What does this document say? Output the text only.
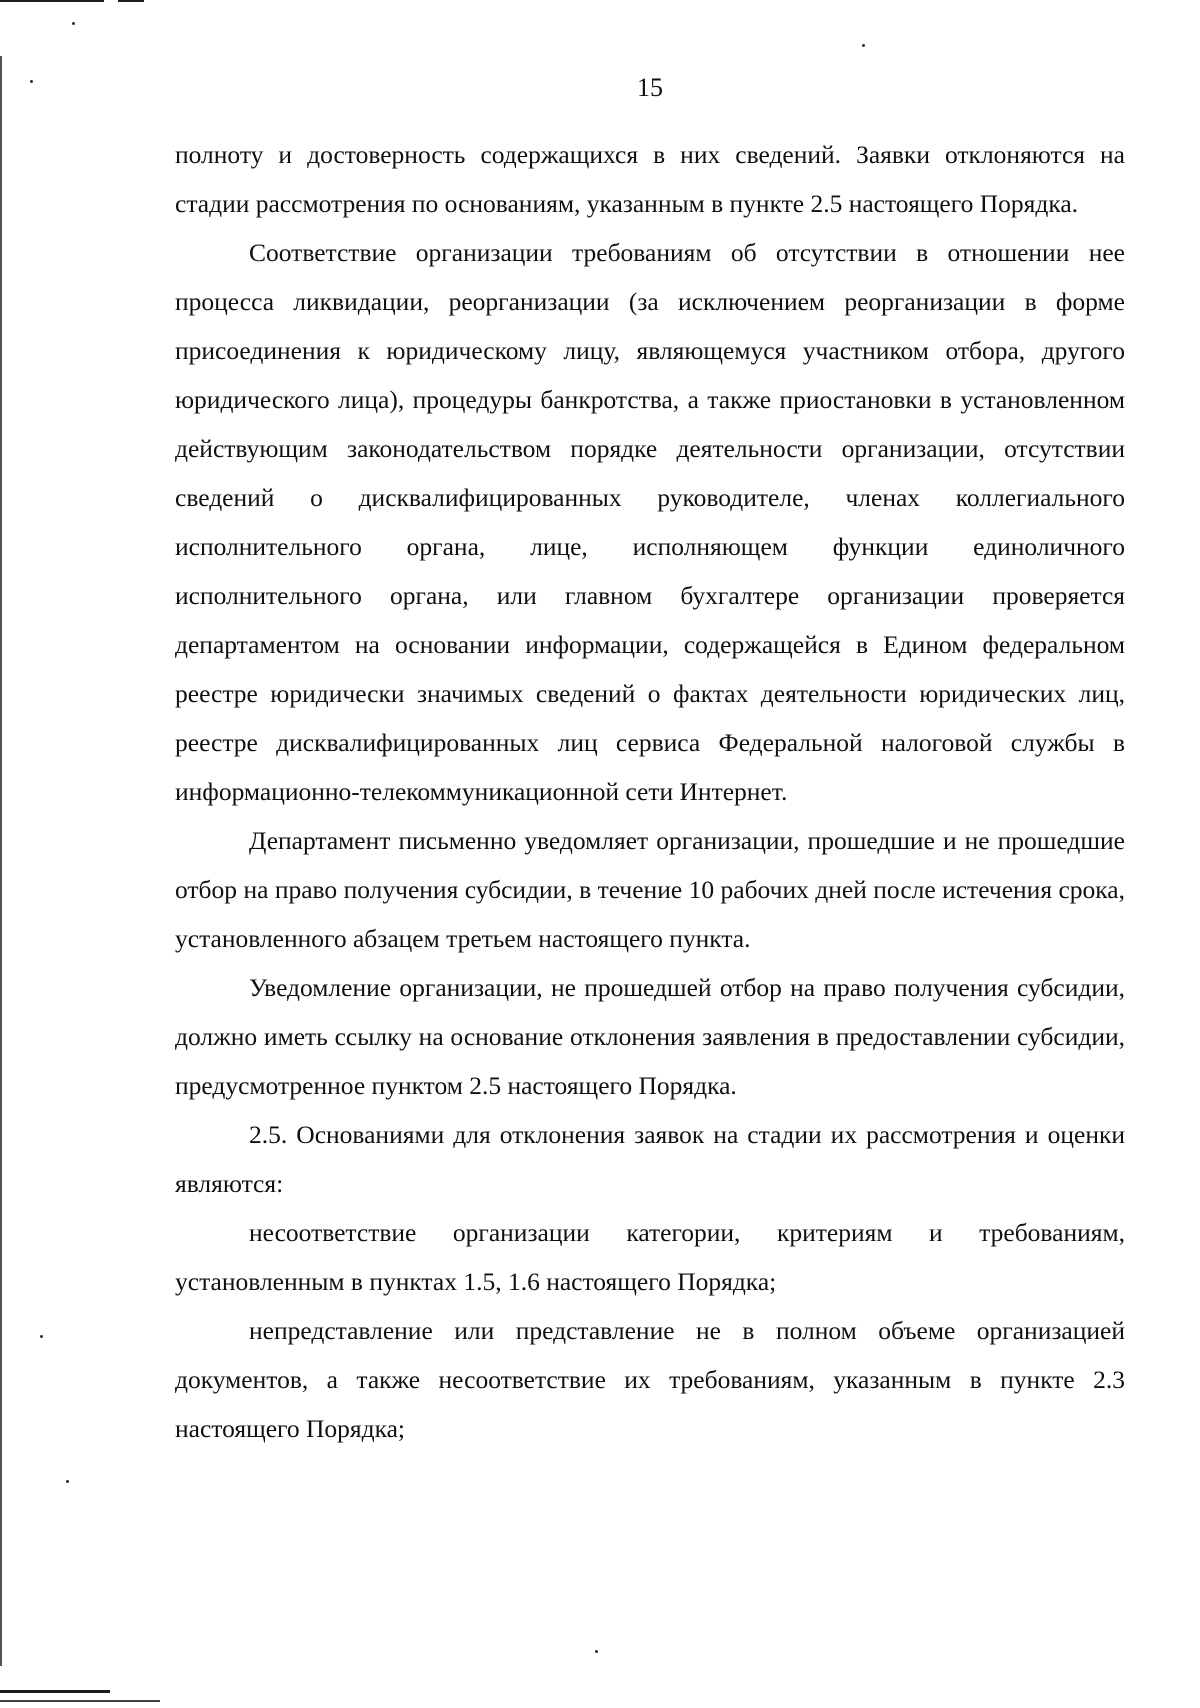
15

полноту и достоверность содержащихся в них сведений. Заявки отклоняются на стадии рассмотрения по основаниям, указанным в пункте 2.5 настоящего Порядка.

Соответствие организации требованиям об отсутствии в отношении нее процесса ликвидации, реорганизации (за исключением реорганизации в форме присоединения к юридическому лицу, являющемуся участником отбора, другого юридического лица), процедуры банкротства, а также приостановки в установленном действующим законодательством порядке деятельности организации, отсутствии сведений о дисквалифицированных руководителе, членах коллегиального исполнительного органа, лице, исполняющем функции единоличного исполнительного органа, или главном бухгалтере организации проверяется департаментом на основании информации, содержащейся в Едином федеральном реестре юридически значимых сведений о фактах деятельности юридических лиц, реестре дисквалифицированных лиц сервиса Федеральной налоговой службы в информационно-телекоммуникационной сети Интернет.

Департамент письменно уведомляет организации, прошедшие и не прошедшие отбор на право получения субсидии, в течение 10 рабочих дней после истечения срока, установленного абзацем третьем настоящего пункта.

Уведомление организации, не прошедшей отбор на право получения субсидии, должно иметь ссылку на основание отклонения заявления в предоставлении субсидии, предусмотренное пунктом 2.5 настоящего Порядка.

2.5. Основаниями для отклонения заявок на стадии их рассмотрения и оценки являются:

несоответствие организации категории, критериям и требованиям, установленным в пунктах 1.5, 1.6 настоящего Порядка;

непредставление или представление не в полном объеме организацией документов, а также несоответствие их требованиям, указанным в пункте 2.3 настоящего Порядка;
